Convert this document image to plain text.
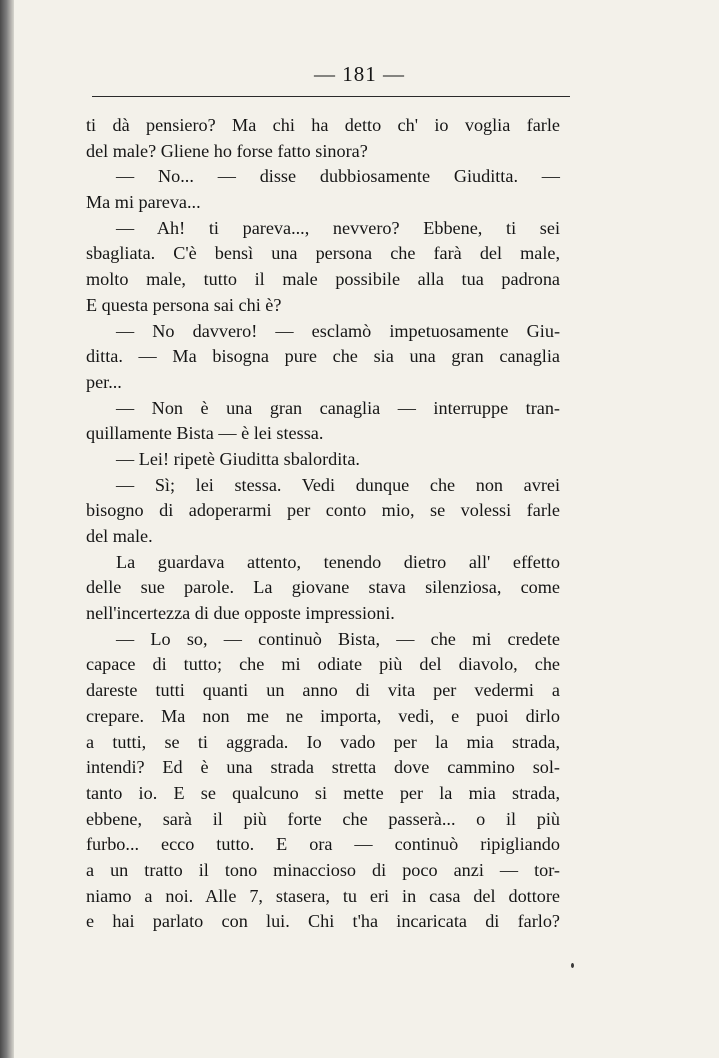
— 181 —
ti dà pensiero? Ma chi ha detto ch' io voglia farle
del male? Gliene ho forse fatto sinora?
— No... — disse dubbiosamente Giuditta. —
Ma mi pareva...
— Ah! ti pareva..., nevvero? Ebbene, ti sei
sbagliata. C'è bensì una persona che farà del male,
molto male, tutto il male possibile alla tua padrona
E questa persona sai chi è?
— No davvero! — esclamò impetuosamente Giu-
ditta. — Ma bisogna pure che sia una gran canaglia
per...
— Non è una gran canaglia — interruppe tran-
quillamente Bista — è lei stessa.
— Lei! ripetè Giuditta sbalordita.
— Sì; lei stessa. Vedi dunque che non avrei
bisogno di adoperarmi per conto mio, se volessi farle
del male.
La guardava attento, tenendo dietro all' effetto
delle sue parole. La giovane stava silenziosa, come
nell'incertezza di due opposte impressioni.
— Lo so, — continuò Bista, — che mi credete
capace di tutto; che mi odiate più del diavolo, che
dareste tutti quanti un anno di vita per vedermi a
crepare. Ma non me ne importa, vedi, e puoi dirlo
a tutti, se ti aggrada. Io vado per la mia strada,
intendi? Ed è una strada stretta dove cammino sol-
tanto io. E se qualcuno si mette per la mia strada,
ebbene, sarà il più forte che passerà... o il più
furbo... ecco tutto. E ora — continuò ripigliando
a un tratto il tono minaccioso di poco anzi — tor-
niamo a noi. Alle 7, stasera, tu eri in casa del dottore
e hai parlato con lui. Chi t'ha incaricata di farlo?
